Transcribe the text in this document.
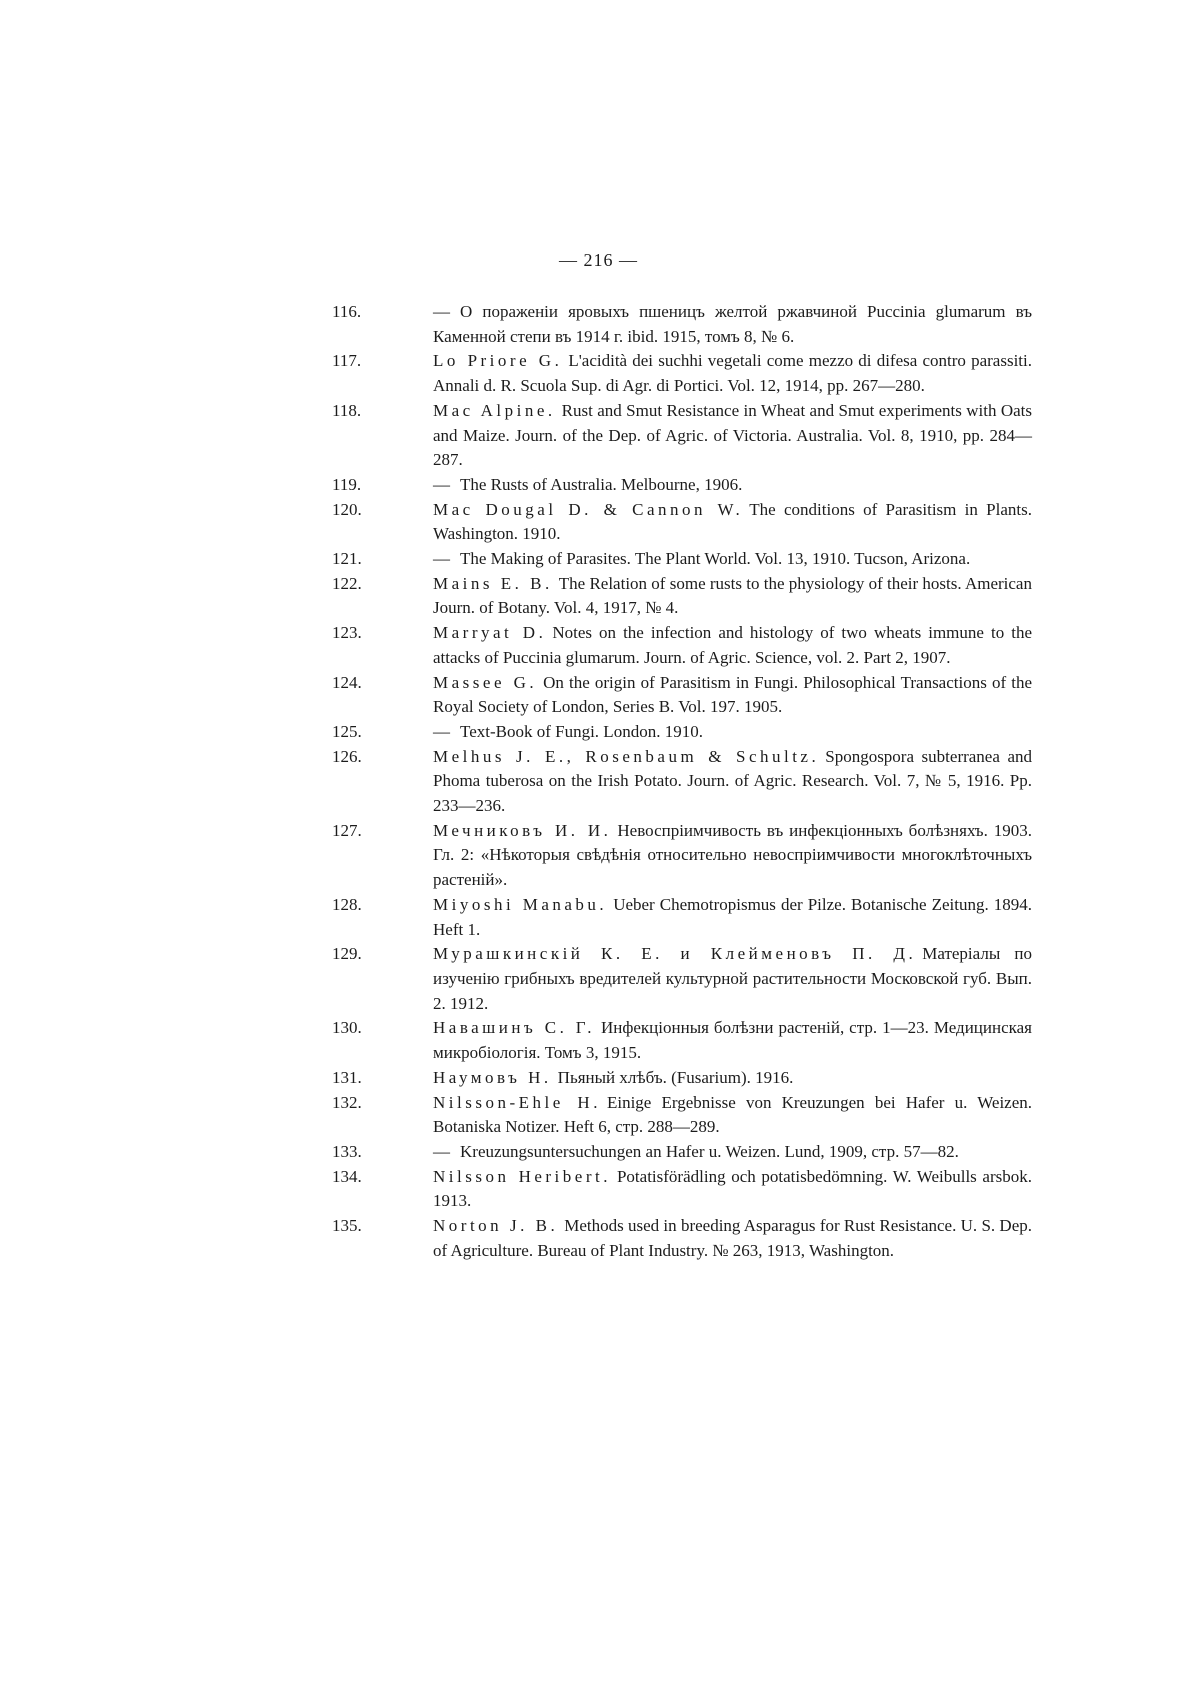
— 216 —
116.	— О пораженіи яровыхъ пшеницъ желтой ржавчиной Puccinia glumarum въ Каменной степи въ 1914 г. ibid. 1915, томъ 8, № 6.
117.	Lo Priore G. L'acidità dei suchhi vegetali come mezzo di difesa contro parassiti. Annali d. R. Scuola Sup. di Agr. di Portici. Vol. 12, 1914, pp. 267—280.
118.	Mac Alpine. Rust and Smut Resistance in Wheat and Smut experiments with Oats and Maize. Journ. of the Dep. of Agric. of Victoria. Australia. Vol. 8, 1910, pp. 284—287.
119.	— The Rusts of Australia. Melbourne, 1906.
120.	Mac Dougal D. & Cannon W. The conditions of Parasitism in Plants. Washington. 1910.
121.	— The Making of Parasites. The Plant World. Vol. 13, 1910. Tucson, Arizona.
122.	Mains E. B. The Relation of some rusts to the physiology of their hosts. American Journ. of Botany. Vol. 4, 1917, № 4.
123.	Marryat D. Notes on the infection and histology of two wheats immune to the attacks of Puccinia glumarum. Journ. of Agric. Science, vol. 2. Part 2, 1907.
124.	Massee G. On the origin of Parasitism in Fungi. Philosophical Transactions of the Royal Society of London, Series B. Vol. 197. 1905.
125.	— Text-Book of Fungi. London. 1910.
126.	Melhus J. E., Rosenbaum & Schultz. Spongospora subterranea and Phoma tuberosa on the Irish Potato. Journ. of Agric. Research. Vol. 7, № 5, 1916. Pp. 233—236.
127.	Мечниковъ И. И. Невоспріимчивость въ инфекціонныхъ болѣзняхъ. 1903. Гл. 2: «Нѣкоторыя свѣдѣнія относительно невоспріимчивости многоклѣточныхъ растеній».
128.	Miyoshi Manabu. Ueber Chemotropismus der Pilze. Botanische Zeitung. 1894. Heft 1.
129.	Мурашкинскій К. Е. и Клейменовъ П. Д. Матеріалы по изученію грибныхъ вредителей культурной растительности Московской губ. Вып. 2. 1912.
130.	Навашинъ С. Г. Инфекціонныя болѣзни растеній, стр. 1—23. Медицинская микробіологія. Томъ 3, 1915.
131.	Наумовъ Н. Пьяный хлѣбъ. (Fusarium). 1916.
132.	Nilsson-Ehle H. Einige Ergebnisse von Kreuzungen bei Hafer u. Weizen. Botaniska Notizer. Heft 6, стр. 288—289.
133.	— Kreuzungsuntersuchungen an Hafer u. Weizen. Lund, 1909, стр. 57—82.
134.	Nilsson Heribert. Potatisförädling och potatisbedömning. W. Weibulls arsbok. 1913.
135.	Norton J. B. Methods used in breeding Asparagus for Rust Resistance. U. S. Dep. of Agriculture. Bureau of Plant Industry. № 263, 1913, Washington.
